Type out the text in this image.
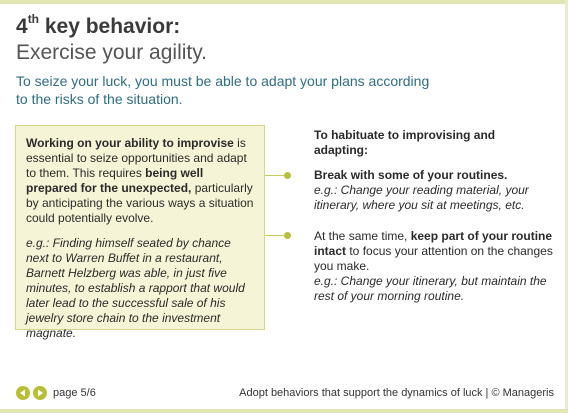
4th key behavior:
Exercise your agility.
To seize your luck, you must be able to adapt your plans according to the risks of the situation.

Working on your ability to improvise is essential to seize opportunities and adapt to them. This requires being well prepared for the unexpected, particularly by anticipating the various ways a situation could potentially evolve.

e.g.: Finding himself seated by chance next to Warren Buffet in a restaurant, Barnett Helzberg was able, in just five minutes, to establish a rapport that would later lead to the successful sale of his jewelry store chain to the investment magnate.

To habituate to improvising and adapting:
Break with some of your routines.
e.g.: Change your reading material, your itinerary, where you sit at meetings, etc.
At the same time, keep part of your routine intact to focus your attention on the changes you make.
e.g.: Change your itinerary, but maintain the rest of your morning routine.
page 5/6	Adopt behaviors that support the dynamics of luck | © Manageris
